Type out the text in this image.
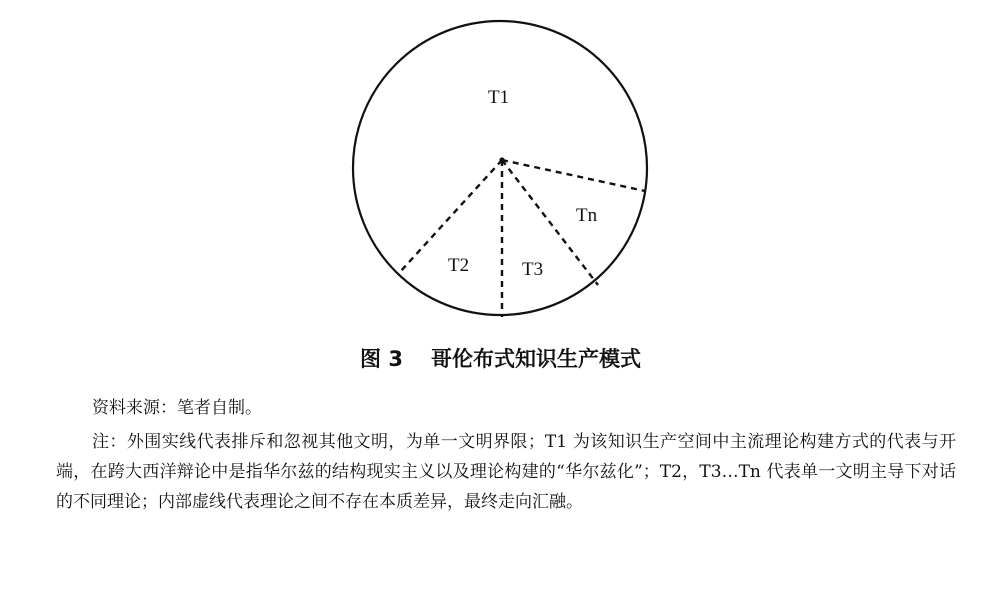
T1
T2	T3
Tn
图 3 哥伦布式知识生产模式

资料来源：笔者自制。

注：外围实线代表排斥和忽视其他文明，为单一文明界限；T1 为该知识生产空间中主流理论构建方式的代表与开端，在跨大西洋辩论中是指华尔兹的结构现实主义以及理论构建的“华尔兹化”；T2，T3…Tn 代表单一文明主导下对话的不同理论；内部虚线代表理论之间不存在本质差异，最终走向汇融。
